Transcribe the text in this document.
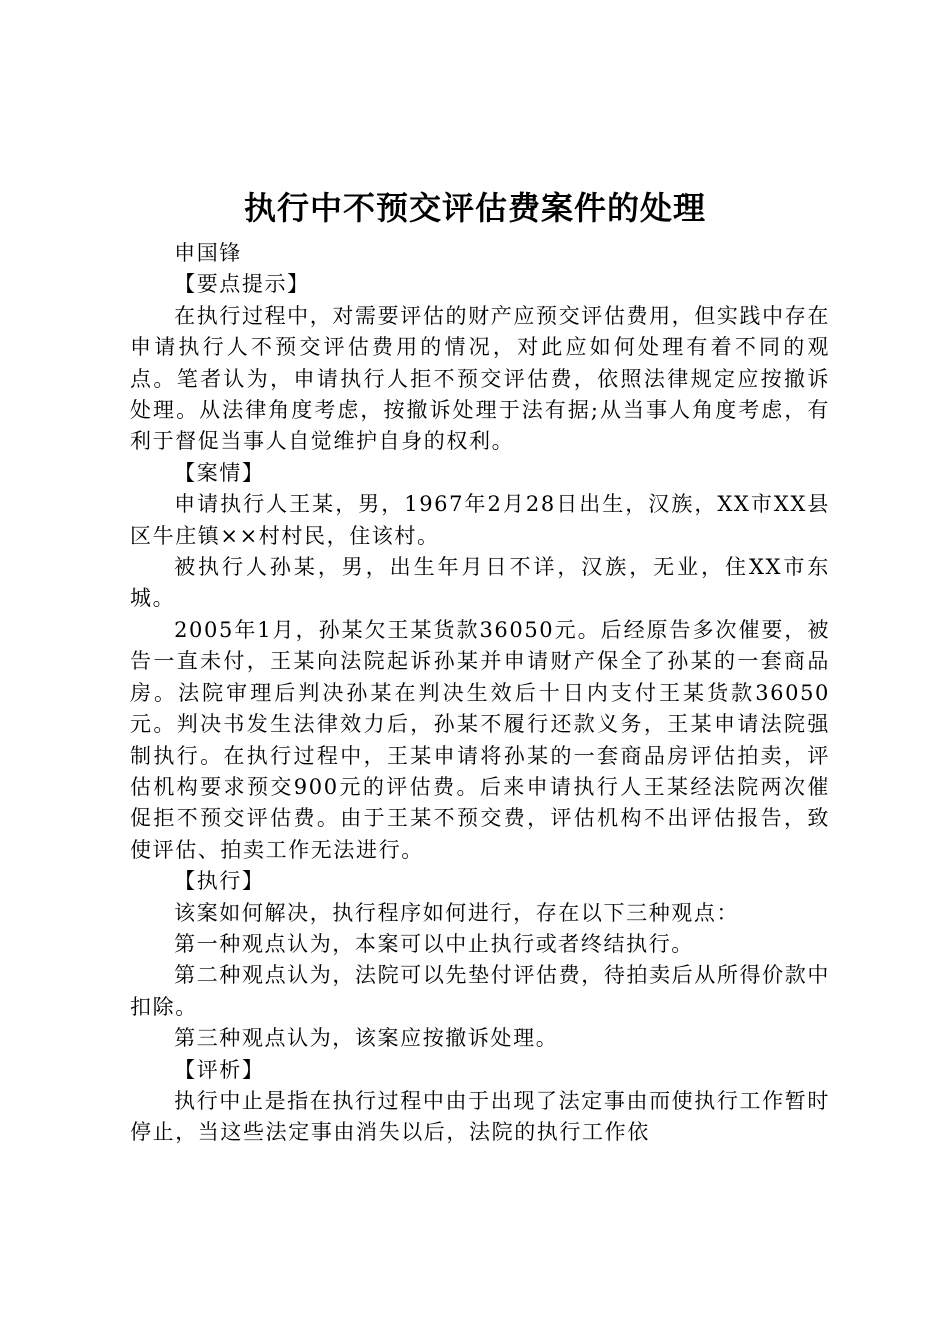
执行中不预交评估费案件的处理

申国锋

【要点提示】

在执行过程中，对需要评估的财产应预交评估费用，但实践中存在申请执行人不预交评估费用的情况，对此应如何处理有着不同的观点。笔者认为，申请执行人拒不预交评估费，依照法律规定应按撤诉处理。从法律角度考虑，按撤诉处理于法有据;从当事人角度考虑，有利于督促当事人自觉维护自身的权利。

【案情】

申请执行人王某，男，1967年2月28日出生，汉族，XX市XX县区牛庄镇××村村民，住该村。

被执行人孙某，男，出生年月日不详，汉族，无业，住XX市东城。

2005年1月，孙某欠王某货款36050元。后经原告多次催要，被告一直未付，王某向法院起诉孙某并申请财产保全了孙某的一套商品房。法院审理后判决孙某在判决生效后十日内支付王某货款36050元。判决书发生法律效力后，孙某不履行还款义务，王某申请法院强制执行。在执行过程中，王某申请将孙某的一套商品房评估拍卖，评估机构要求预交900元的评估费。后来申请执行人王某经法院两次催促拒不预交评估费。由于王某不预交费，评估机构不出评估报告，致使评估、拍卖工作无法进行。

【执行】

该案如何解决，执行程序如何进行，存在以下三种观点：

第一种观点认为，本案可以中止执行或者终结执行。

第二种观点认为，法院可以先垫付评估费，待拍卖后从所得价款中扣除。

第三种观点认为，该案应按撤诉处理。

【评析】

执行中止是指在执行过程中由于出现了法定事由而使执行工作暂时停止，当这些法定事由消失以后，法院的执行工作依
